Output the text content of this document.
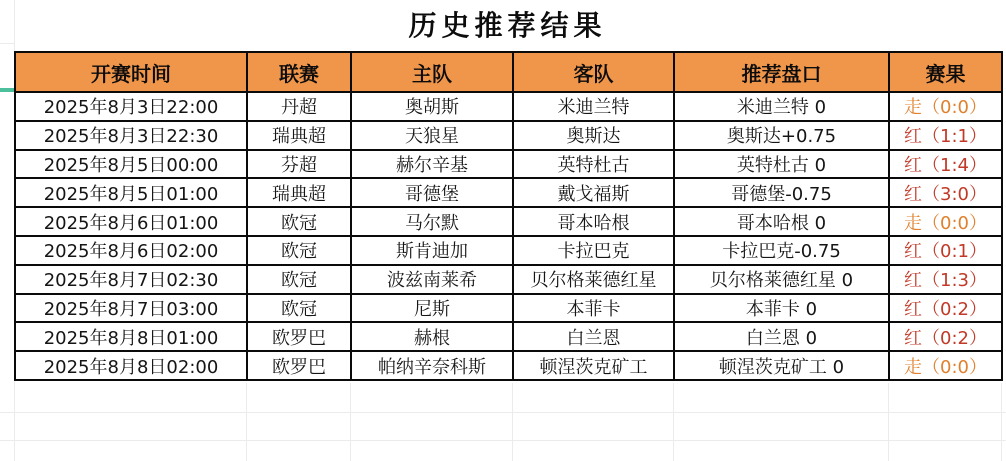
历史推荐结果
开赛时间	联赛	主队	客队	推荐盘口	赛果
2025年8月3日22:00	丹超	奥胡斯	米迪兰特	米迪兰特 0	走（0:0）
2025年8月3日22:30	瑞典超	天狼星	奥斯达	奥斯达+0.75	红（1:1）
2025年8月5日00:00	芬超	赫尔辛基	英特杜古	英特杜古 0	红（1:4）
2025年8月5日01:00	瑞典超	哥德堡	戴戈福斯	哥德堡-0.75	红（3:0）
2025年8月6日01:00	欧冠	马尔默	哥本哈根	哥本哈根 0	走（0:0）
2025年8月6日02:00	欧冠	斯肯迪加	卡拉巴克	卡拉巴克-0.75	红（0:1）
2025年8月7日02:30	欧冠	波兹南莱希	贝尔格莱德红星	贝尔格莱德红星 0	红（1:3）
2025年8月7日03:00	欧冠	尼斯	本菲卡	本菲卡 0	红（0:2）
2025年8月8日01:00	欧罗巴	赫根	白兰恩	白兰恩 0	红（0:2）
2025年8月8日02:00	欧罗巴	帕纳辛奈科斯	顿涅茨克矿工	顿涅茨克矿工 0	走（0:0）
